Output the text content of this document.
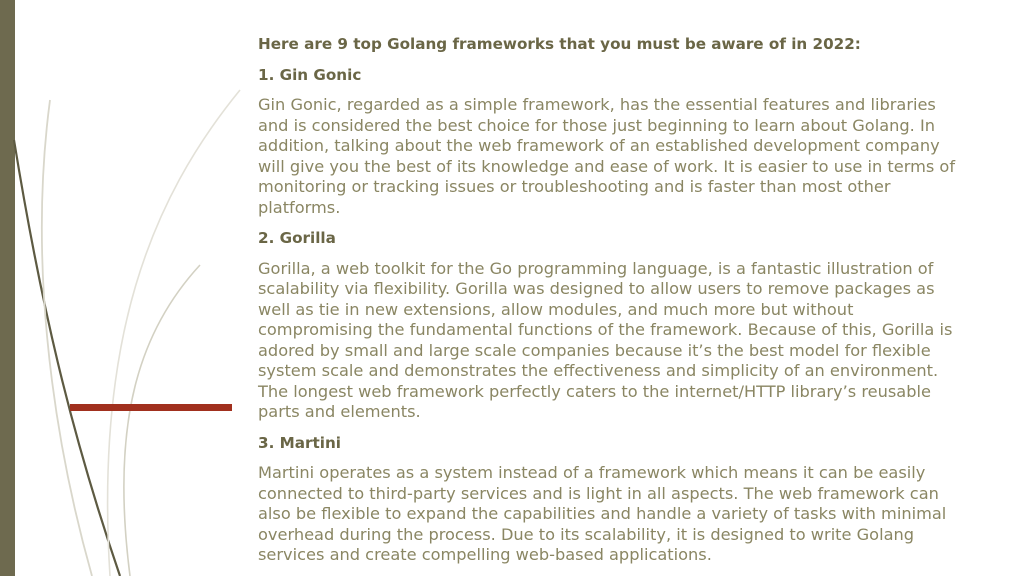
Here are 9 top Golang frameworks that you must be aware of in 2022:
1. Gin Gonic
Gin Gonic, regarded as a simple framework, has the essential features and libraries and is considered the best choice for those just beginning to learn about Golang. In addition, talking about the web framework of an established development company will give you the best of its knowledge and ease of work. It is easier to use in terms of monitoring or tracking issues or troubleshooting and is faster than most other platforms.
2. Gorilla
Gorilla, a web toolkit for the Go programming language, is a fantastic illustration of scalability via flexibility. Gorilla was designed to allow users to remove packages as well as tie in new extensions, allow modules, and much more but without compromising the fundamental functions of the framework. Because of this, Gorilla is adored by small and large scale companies because it’s the best model for flexible system scale and demonstrates the effectiveness and simplicity of an environment. The longest web framework perfectly caters to the internet/HTTP library’s reusable parts and elements.
3. Martini
Martini operates as a system instead of a framework which means it can be easily connected to third-party services and is light in all aspects. The web framework can also be flexible to expand the capabilities and handle a variety of tasks with minimal overhead during the process. Due to its scalability, it is designed to write Golang services and create compelling web-based applications.
